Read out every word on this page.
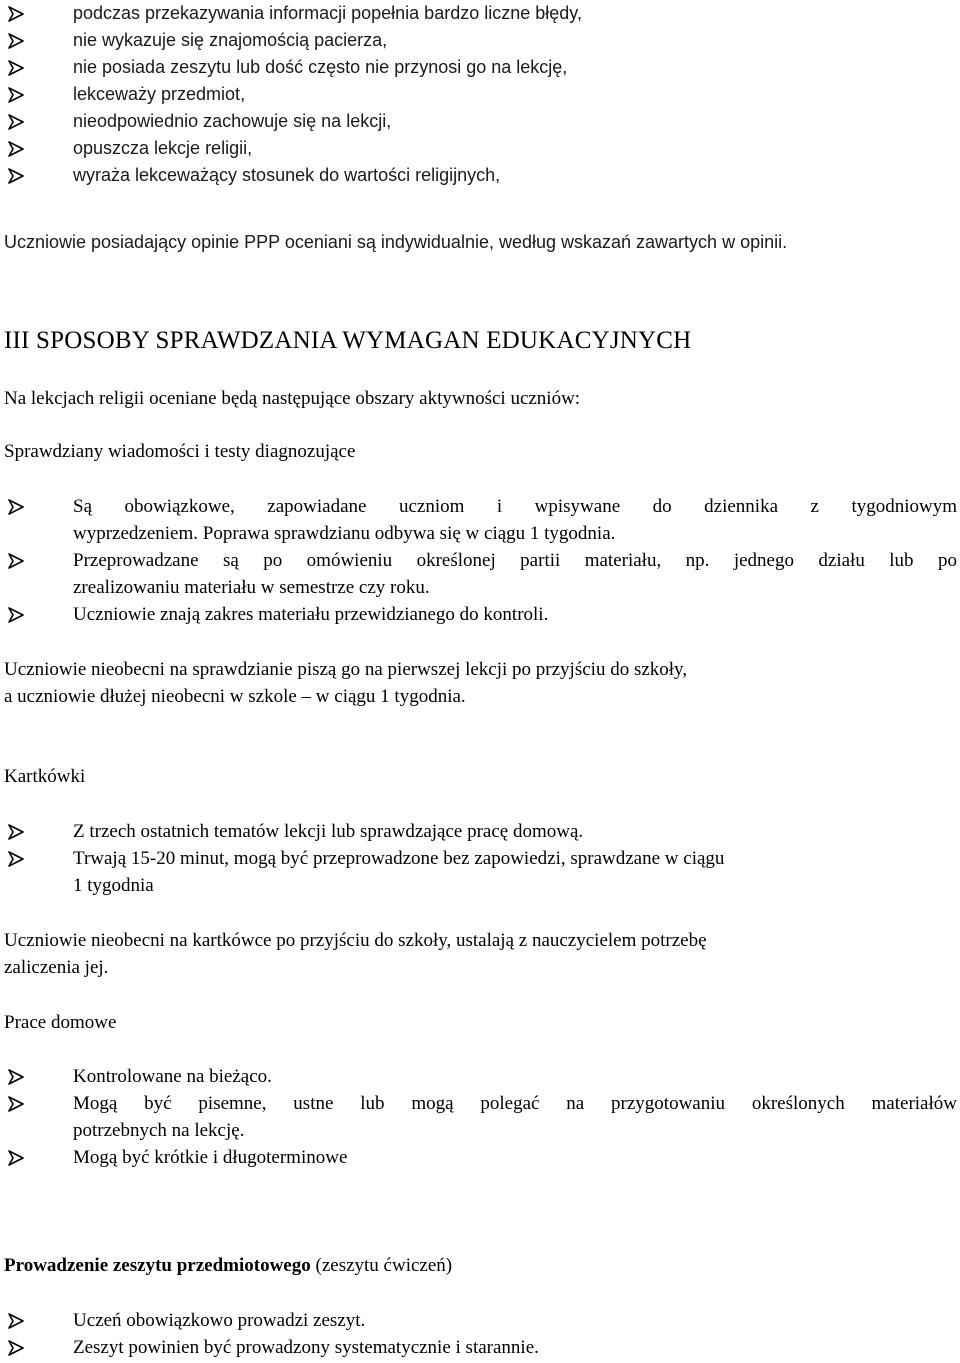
podczas przekazywania informacji popełnia bardzo liczne błędy,
nie wykazuje się znajomością pacierza,
nie posiada zeszytu lub dość często nie przynosi go na lekcję,
lekceważy przedmiot,
nieodpowiednio zachowuje się na lekcji,
opuszcza lekcje religii,
wyraża lekceważący stosunek do wartości religijnych,
Uczniowie posiadający opinie PPP oceniani są indywidualnie, według wskazań zawartych w opinii.
III SPOSOBY SPRAWDZANIA WYMAGAN EDUKACYJNYCH
Na lekcjach religii oceniane będą następujące obszary aktywności uczniów:
Sprawdziany wiadomości i testy diagnozujące
Są obowiązkowe, zapowiadane uczniom i wpisywane do dziennika z tygodniowym
wyprzedzeniem. Poprawa sprawdzianu odbywa się w ciągu 1 tygodnia.
Przeprowadzane są po omówieniu określonej partii materiału, np. jednego działu lub po
zrealizowaniu materiału w semestrze czy roku.
Uczniowie znają zakres materiału przewidzianego do kontroli.
Uczniowie nieobecni na sprawdzianie piszą go na pierwszej lekcji po przyjściu do szkoły,
a uczniowie dłużej nieobecni w szkole – w ciągu 1 tygodnia.
Kartkówki
Z trzech ostatnich tematów lekcji lub sprawdzające pracę domową.
Trwają 15-20 minut, mogą być przeprowadzone bez zapowiedzi, sprawdzane w ciągu
1 tygodnia
Uczniowie nieobecni na kartkówce po przyjściu do szkoły, ustalają z nauczycielem potrzebę
zaliczenia jej.
Prace domowe
Kontrolowane na bieżąco.
Mogą być pisemne, ustne lub mogą polegać na przygotowaniu określonych materiałów
potrzebnych na lekcję.
Mogą być krótkie i długoterminowe
Prowadzenie zeszytu przedmiotowego (zeszytu ćwiczeń)
Uczeń obowiązkowo prowadzi zeszyt.
Zeszyt powinien być prowadzony systematycznie i starannie.
